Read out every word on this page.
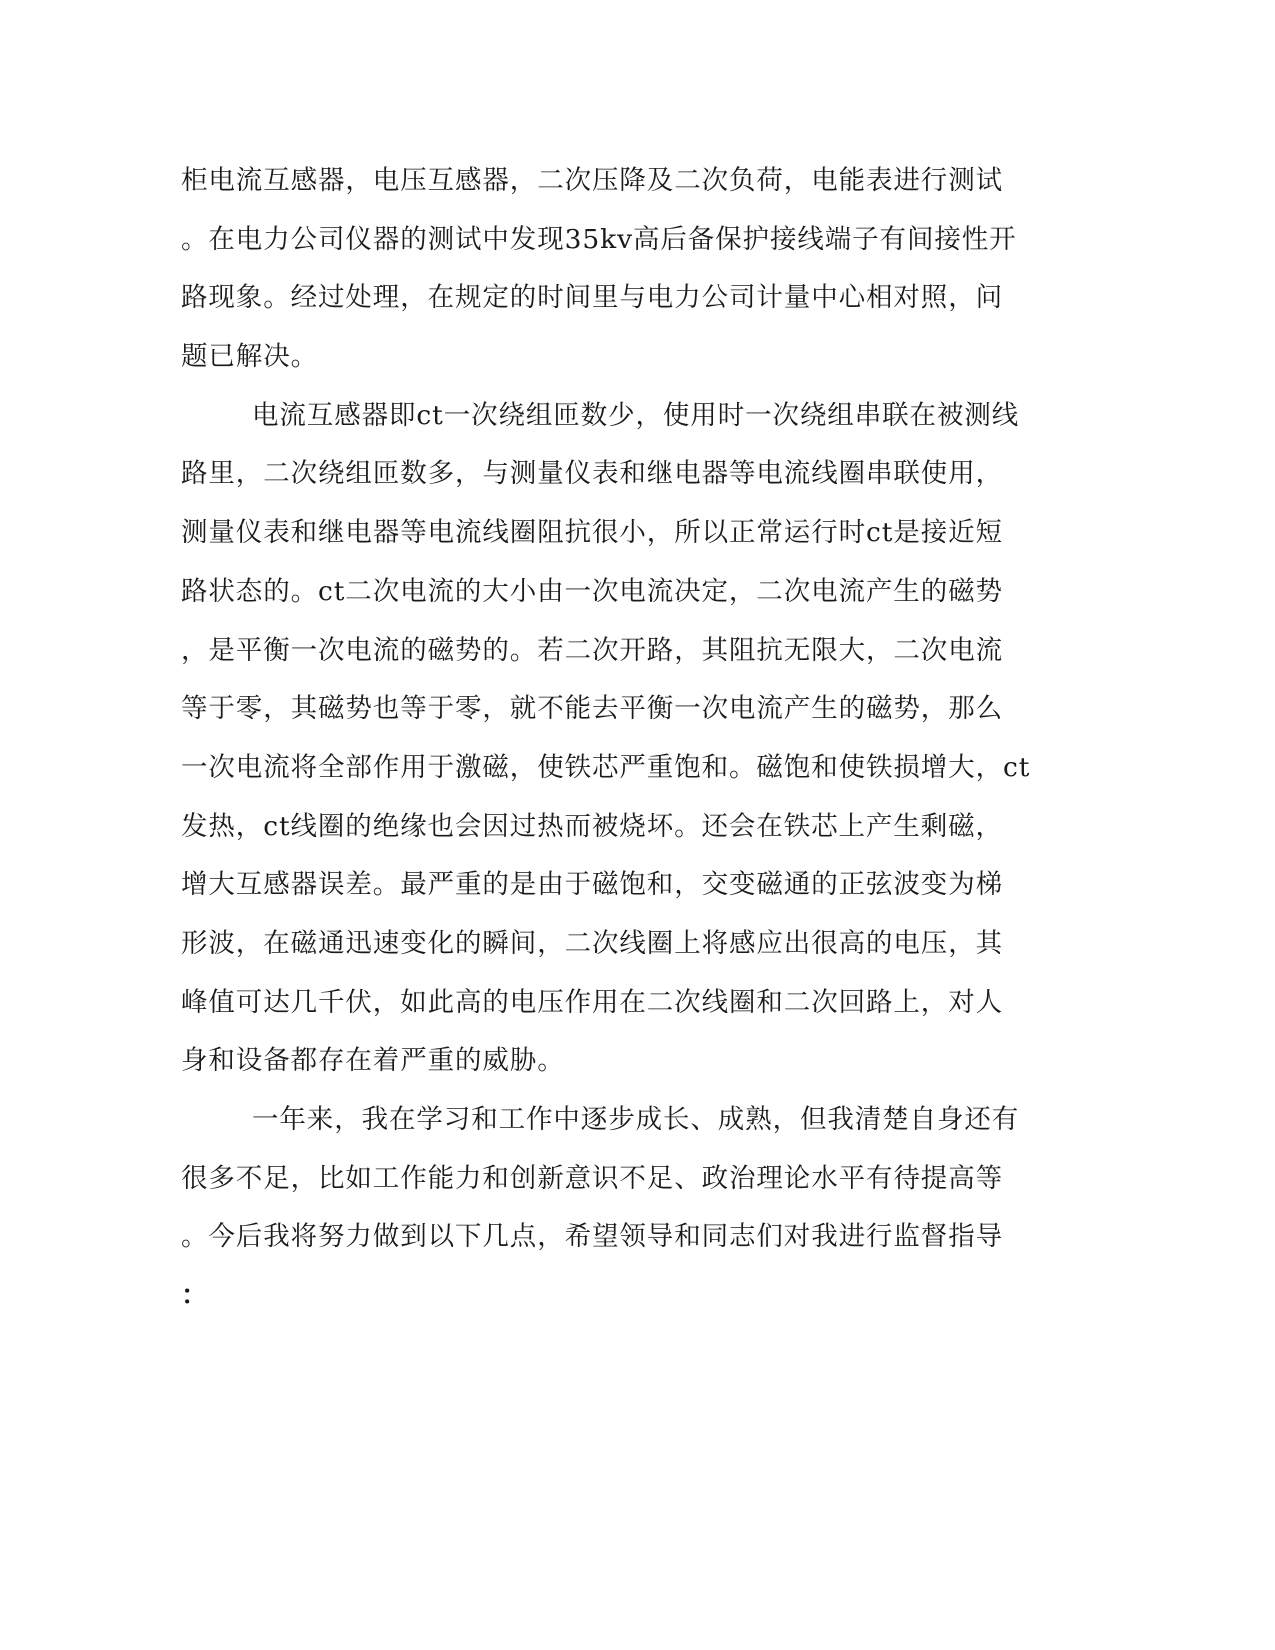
柜电流互感器，电压互感器，二次压降及二次负荷，电能表进行测试
。在电力公司仪器的测试中发现35kv高后备保护接线端子有间接性开
路现象。经过处理，在规定的时间里与电力公司计量中心相对照，问
题已解决。
电流互感器即ct一次绕组匝数少，使用时一次绕组串联在被测线
路里，二次绕组匝数多，与测量仪表和继电器等电流线圈串联使用，
测量仪表和继电器等电流线圈阻抗很小，所以正常运行时ct是接近短
路状态的。ct二次电流的大小由一次电流决定，二次电流产生的磁势
，是平衡一次电流的磁势的。若二次开路，其阻抗无限大，二次电流
等于零，其磁势也等于零，就不能去平衡一次电流产生的磁势，那么
一次电流将全部作用于激磁，使铁芯严重饱和。磁饱和使铁损增大，ct
发热，ct线圈的绝缘也会因过热而被烧坏。还会在铁芯上产生剩磁，
增大互感器误差。最严重的是由于磁饱和，交变磁通的正弦波变为梯
形波，在磁通迅速变化的瞬间，二次线圈上将感应出很高的电压，其
峰值可达几千伏，如此高的电压作用在二次线圈和二次回路上，对人
身和设备都存在着严重的威胁。
一年来，我在学习和工作中逐步成长、成熟，但我清楚自身还有
很多不足，比如工作能力和创新意识不足、政治理论水平有待提高等
。今后我将努力做到以下几点，希望领导和同志们对我进行监督指导
：
